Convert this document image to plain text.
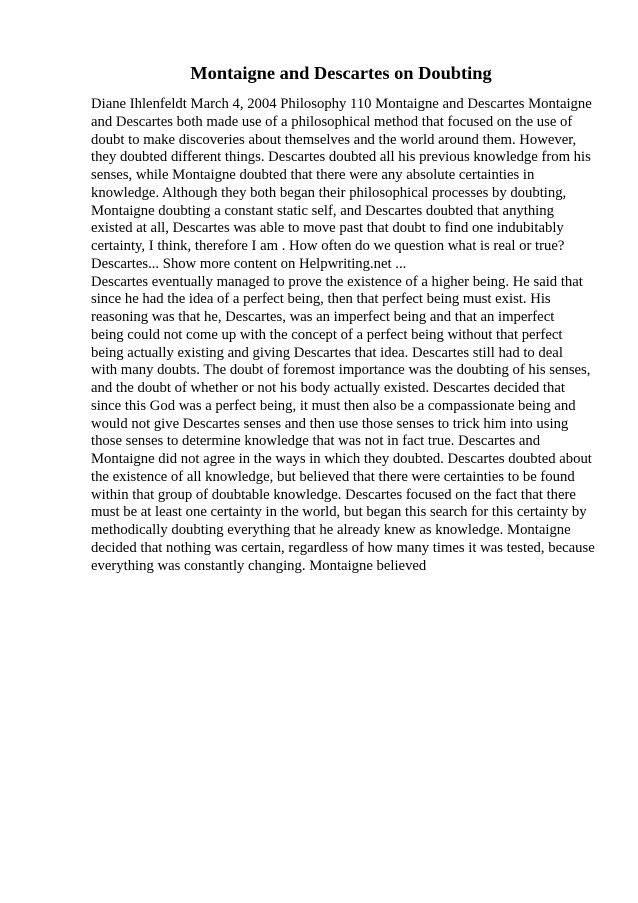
Montaigne and Descartes on Doubting
Diane Ihlenfeldt March 4, 2004 Philosophy 110 Montaigne and Descartes Montaigne
and Descartes both made use of a philosophical method that focused on the use of
doubt to make discoveries about themselves and the world around them. However,
they doubted different things. Descartes doubted all his previous knowledge from his
senses, while Montaigne doubted that there were any absolute certainties in
knowledge. Although they both began their philosophical processes by doubting,
Montaigne doubting a constant static self, and Descartes doubted that anything
existed at all, Descartes was able to move past that doubt to find one indubitably
certainty, I think, therefore I am . How often do we question what is real or true?
Descartes... Show more content on Helpwriting.net ...
Descartes eventually managed to prove the existence of a higher being. He said that
since he had the idea of a perfect being, then that perfect being must exist. His
reasoning was that he, Descartes, was an imperfect being and that an imperfect
being could not come up with the concept of a perfect being without that perfect
being actually existing and giving Descartes that idea. Descartes still had to deal
with many doubts. The doubt of foremost importance was the doubting of his senses,
and the doubt of whether or not his body actually existed. Descartes decided that
since this God was a perfect being, it must then also be a compassionate being and
would not give Descartes senses and then use those senses to trick him into using
those senses to determine knowledge that was not in fact true. Descartes and
Montaigne did not agree in the ways in which they doubted. Descartes doubted about
the existence of all knowledge, but believed that there were certainties to be found
within that group of doubtable knowledge. Descartes focused on the fact that there
must be at least one certainty in the world, but began this search for this certainty by
methodically doubting everything that he already knew as knowledge. Montaigne
decided that nothing was certain, regardless of how many times it was tested, because
everything was constantly changing. Montaigne believed
